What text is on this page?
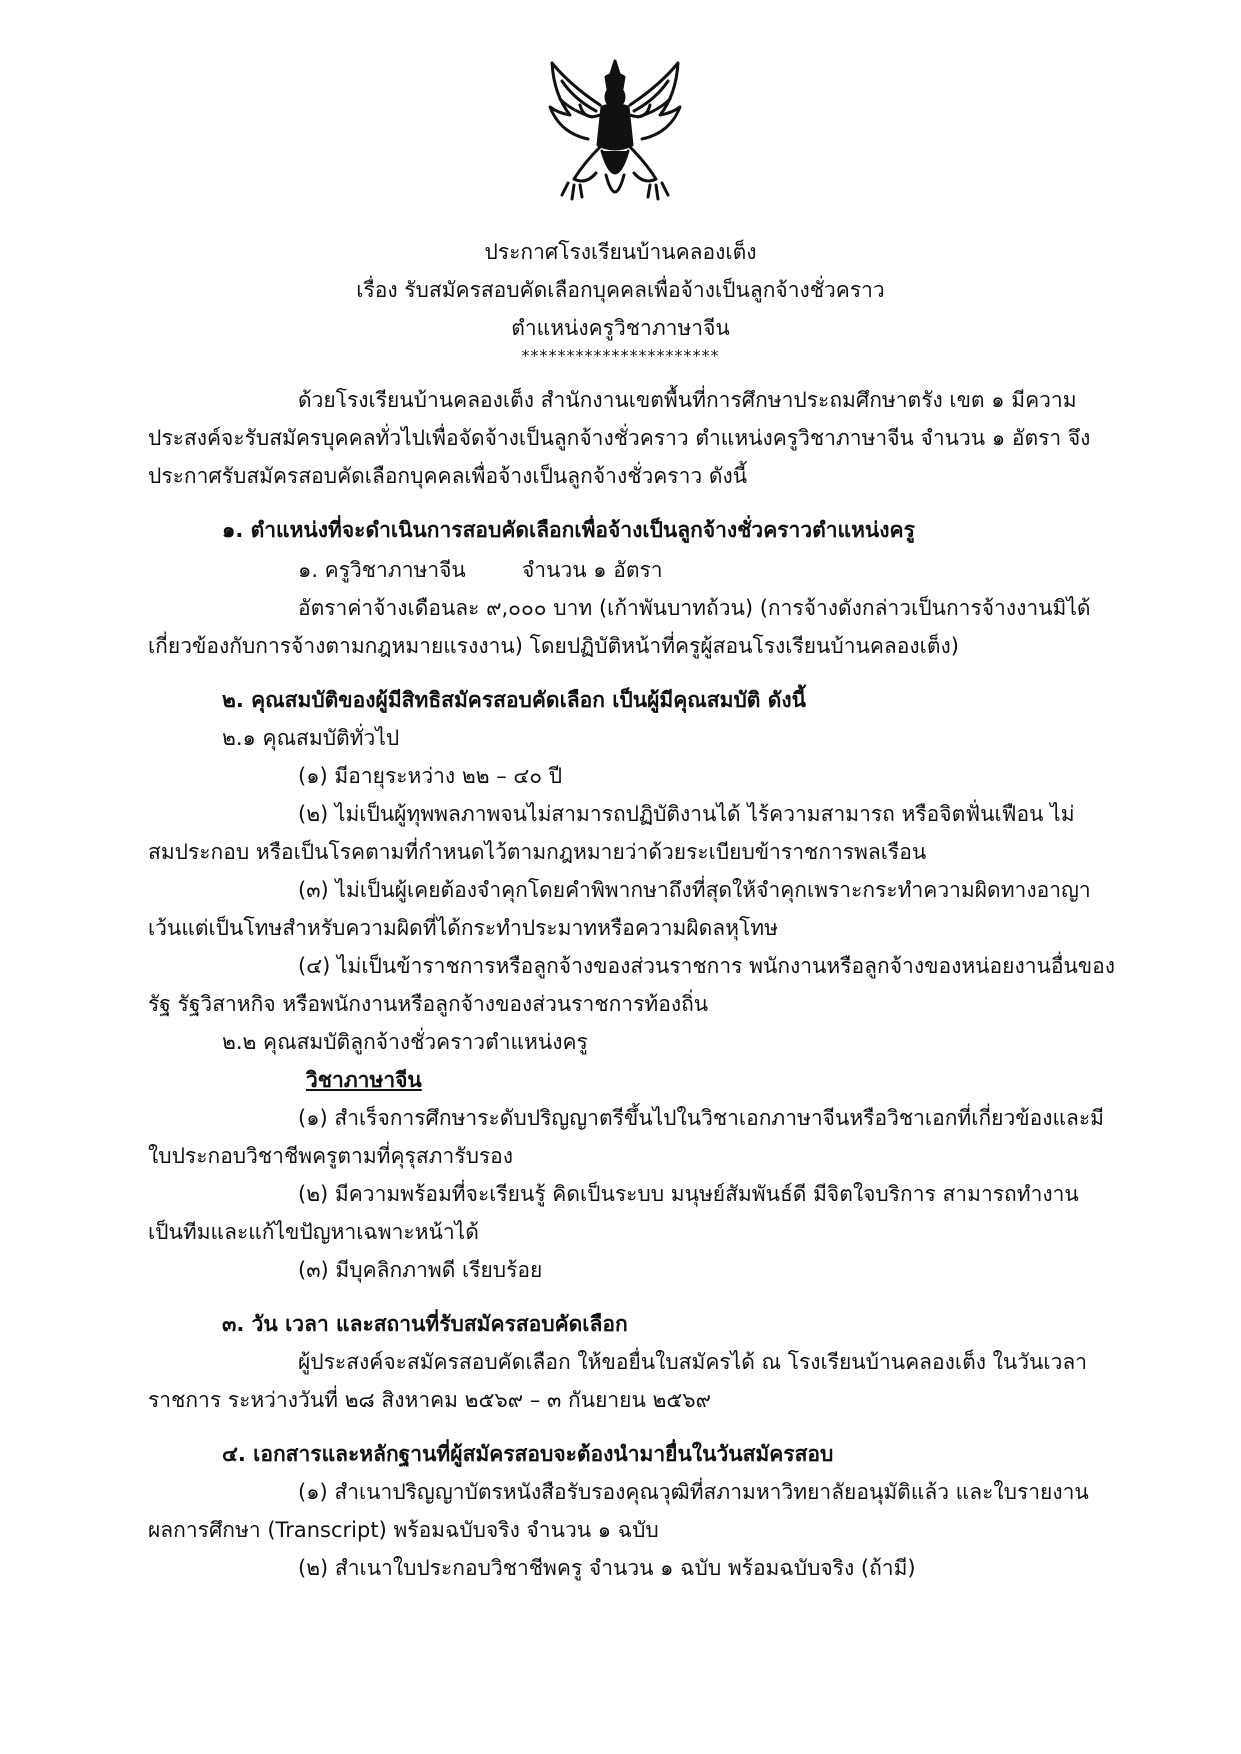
ประกาศโรงเรียนบ้านคลองเต็ง
เรื่อง รับสมัครสอบคัดเลือกบุคคลเพื่อจ้างเป็นลูกจ้างชั่วคราว
ตำแหน่งครูวิชาภาษาจีน
**********************
ด้วยโรงเรียนบ้านคลองเต็ง สำนักงานเขตพื้นที่การศึกษาประถมศึกษาตรัง เขต ๑ มีความ
ประสงค์จะรับสมัครบุคคลทั่วไปเพื่อจัดจ้างเป็นลูกจ้างชั่วคราว ตำแหน่งครูวิชาภาษาจีน จำนวน ๑ อัตรา จึง
ประกาศรับสมัครสอบคัดเลือกบุคคลเพื่อจ้างเป็นลูกจ้างชั่วคราว ดังนี้
๑. ตำแหน่งที่จะดำเนินการสอบคัดเลือกเพื่อจ้างเป็นลูกจ้างชั่วคราวตำแหน่งครู
๑. ครูวิชาภาษาจีน	จำนวน ๑ อัตรา
อัตราค่าจ้างเดือนละ ๙,๐๐๐ บาท (เก้าพันบาทถ้วน) (การจ้างดังกล่าวเป็นการจ้างงานมิได้
เกี่ยวข้องกับการจ้างตามกฎหมายแรงงาน) โดยปฏิบัติหน้าที่ครูผู้สอนโรงเรียนบ้านคลองเต็ง)
๒. คุณสมบัติของผู้มีสิทธิสมัครสอบคัดเลือก เป็นผู้มีคุณสมบัติ ดังนี้
๒.๑ คุณสมบัติทั่วไป
(๑) มีอายุระหว่าง ๒๒ – ๔๐ ปี
(๒) ไม่เป็นผู้ทุพพลภาพจนไม่สามารถปฏิบัติงานได้ ไร้ความสามารถ หรือจิตฟั่นเฟือน ไม่
สมประกอบ หรือเป็นโรคตามที่กำหนดไว้ตามกฎหมายว่าด้วยระเบียบข้าราชการพลเรือน
(๓) ไม่เป็นผู้เคยต้องจำคุกโดยคำพิพากษาถึงที่สุดให้จำคุกเพราะกระทำความผิดทางอาญา
เว้นแต่เป็นโทษสำหรับความผิดที่ได้กระทำประมาทหรือความผิดลหุโทษ
(๔) ไม่เป็นข้าราชการหรือลูกจ้างของส่วนราชการ พนักงานหรือลูกจ้างของหน่อยงานอื่นของ
รัฐ รัฐวิสาหกิจ หรือพนักงานหรือลูกจ้างของส่วนราชการท้องถิ่น
๒.๒ คุณสมบัติลูกจ้างชั่วคราวตำแหน่งครู
วิชาภาษาจีน
(๑) สำเร็จการศึกษาระดับปริญญาตรีขึ้นไปในวิชาเอกภาษาจีนหรือวิชาเอกที่เกี่ยวข้องและมี
ใบประกอบวิชาชีพครูตามที่คุรุสภารับรอง
(๒) มีความพร้อมที่จะเรียนรู้ คิดเป็นระบบ มนุษย์สัมพันธ์ดี มีจิตใจบริการ สามารถทำงาน
เป็นทีมและแก้ไขปัญหาเฉพาะหน้าได้
(๓) มีบุคลิกภาพดี เรียบร้อย
๓. วัน เวลา และสถานที่รับสมัครสอบคัดเลือก
ผู้ประสงค์จะสมัครสอบคัดเลือก ให้ขอยื่นใบสมัครได้ ณ โรงเรียนบ้านคลองเต็ง ในวันเวลา
ราชการ ระหว่างวันที่ ๒๘ สิงหาคม ๒๕๖๙ – ๓ กันยายน ๒๕๖๙
๔. เอกสารและหลักฐานที่ผู้สมัครสอบจะต้องนำมายื่นในวันสมัครสอบ
(๑) สำเนาปริญญาบัตรหนังสือรับรองคุณวุฒิที่สภามหาวิทยาลัยอนุมัติแล้ว และใบรายงาน
ผลการศึกษา (Transcript) พร้อมฉบับจริง จำนวน ๑ ฉบับ
(๒) สำเนาใบประกอบวิชาชีพครู จำนวน ๑ ฉบับ พร้อมฉบับจริง (ถ้ามี)
